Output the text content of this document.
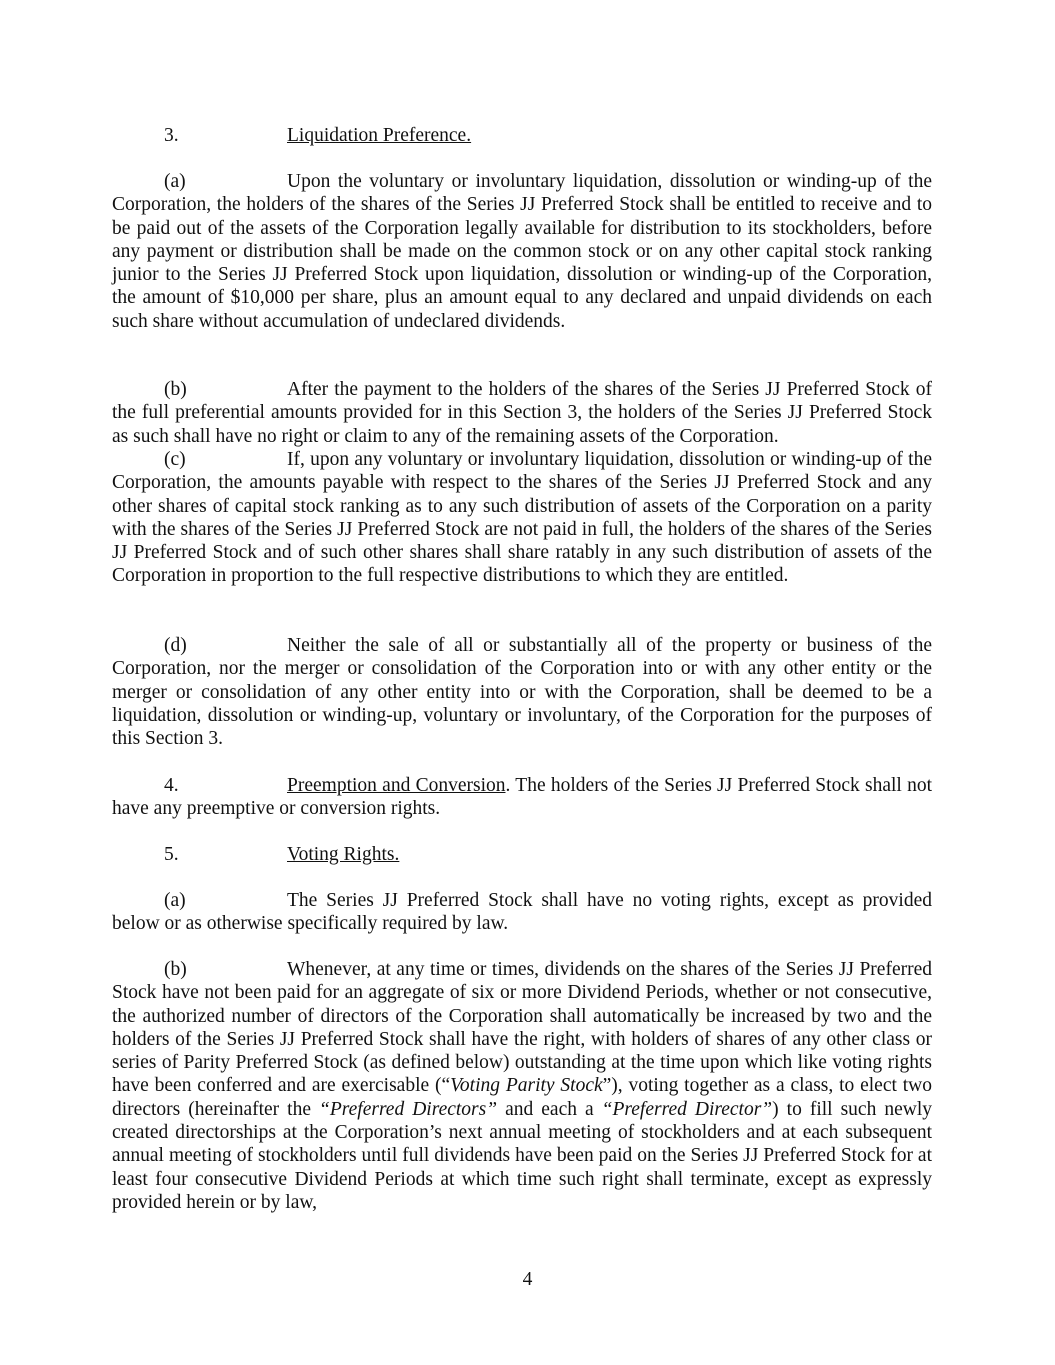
3.	Liquidation Preference.

(a)	Upon the voluntary or involuntary liquidation, dissolution or winding-up of the Corporation, the holders of the shares of the Series JJ Preferred Stock shall be entitled to receive and to be paid out of the assets of the Corporation legally available for distribution to its stockholders, before any payment or distribution shall be made on the common stock or on any other capital stock ranking junior to the Series JJ Preferred Stock upon liquidation, dissolution or winding-up of the Corporation, the amount of $10,000 per share, plus an amount equal to any declared and unpaid dividends on each such share without accumulation of undeclared dividends.

(b)	After the payment to the holders of the shares of the Series JJ Preferred Stock of the full preferential amounts provided for in this Section 3, the holders of the Series JJ Preferred Stock as such shall have no right or claim to any of the remaining assets of the Corporation.

(c)	If, upon any voluntary or involuntary liquidation, dissolution or winding-up of the Corporation, the amounts payable with respect to the shares of the Series JJ Preferred Stock and any other shares of capital stock ranking as to any such distribution of assets of the Corporation on a parity with the shares of the Series JJ Preferred Stock are not paid in full, the holders of the shares of the Series JJ Preferred Stock and of such other shares shall share ratably in any such distribution of assets of the Corporation in proportion to the full respective distributions to which they are entitled.

(d)	Neither the sale of all or substantially all of the property or business of the Corporation, nor the merger or consolidation of the Corporation into or with any other entity or the merger or consolidation of any other entity into or with the Corporation, shall be deemed to be a liquidation, dissolution or winding-up, voluntary or involuntary, of the Corporation for the purposes of this Section 3.

4.	Preemption and Conversion. The holders of the Series JJ Preferred Stock shall not have any preemptive or conversion rights.

5.	Voting Rights.

(a)	The Series JJ Preferred Stock shall have no voting rights, except as provided below or as otherwise specifically required by law.

(b)	Whenever, at any time or times, dividends on the shares of the Series JJ Preferred Stock have not been paid for an aggregate of six or more Dividend Periods, whether or not consecutive, the authorized number of directors of the Corporation shall automatically be increased by two and the holders of the Series JJ Preferred Stock shall have the right, with holders of shares of any other class or series of Parity Preferred Stock (as defined below) outstanding at the time upon which like voting rights have been conferred and are exercisable (“Voting Parity Stock”), voting together as a class, to elect two directors (hereinafter the “Preferred Directors” and each a “Preferred Director”) to fill such newly created directorships at the Corporation’s next annual meeting of stockholders and at each subsequent annual meeting of stockholders until full dividends have been paid on the Series JJ Preferred Stock for at least four consecutive Dividend Periods at which time such right shall terminate, except as expressly provided herein or by law,

4
